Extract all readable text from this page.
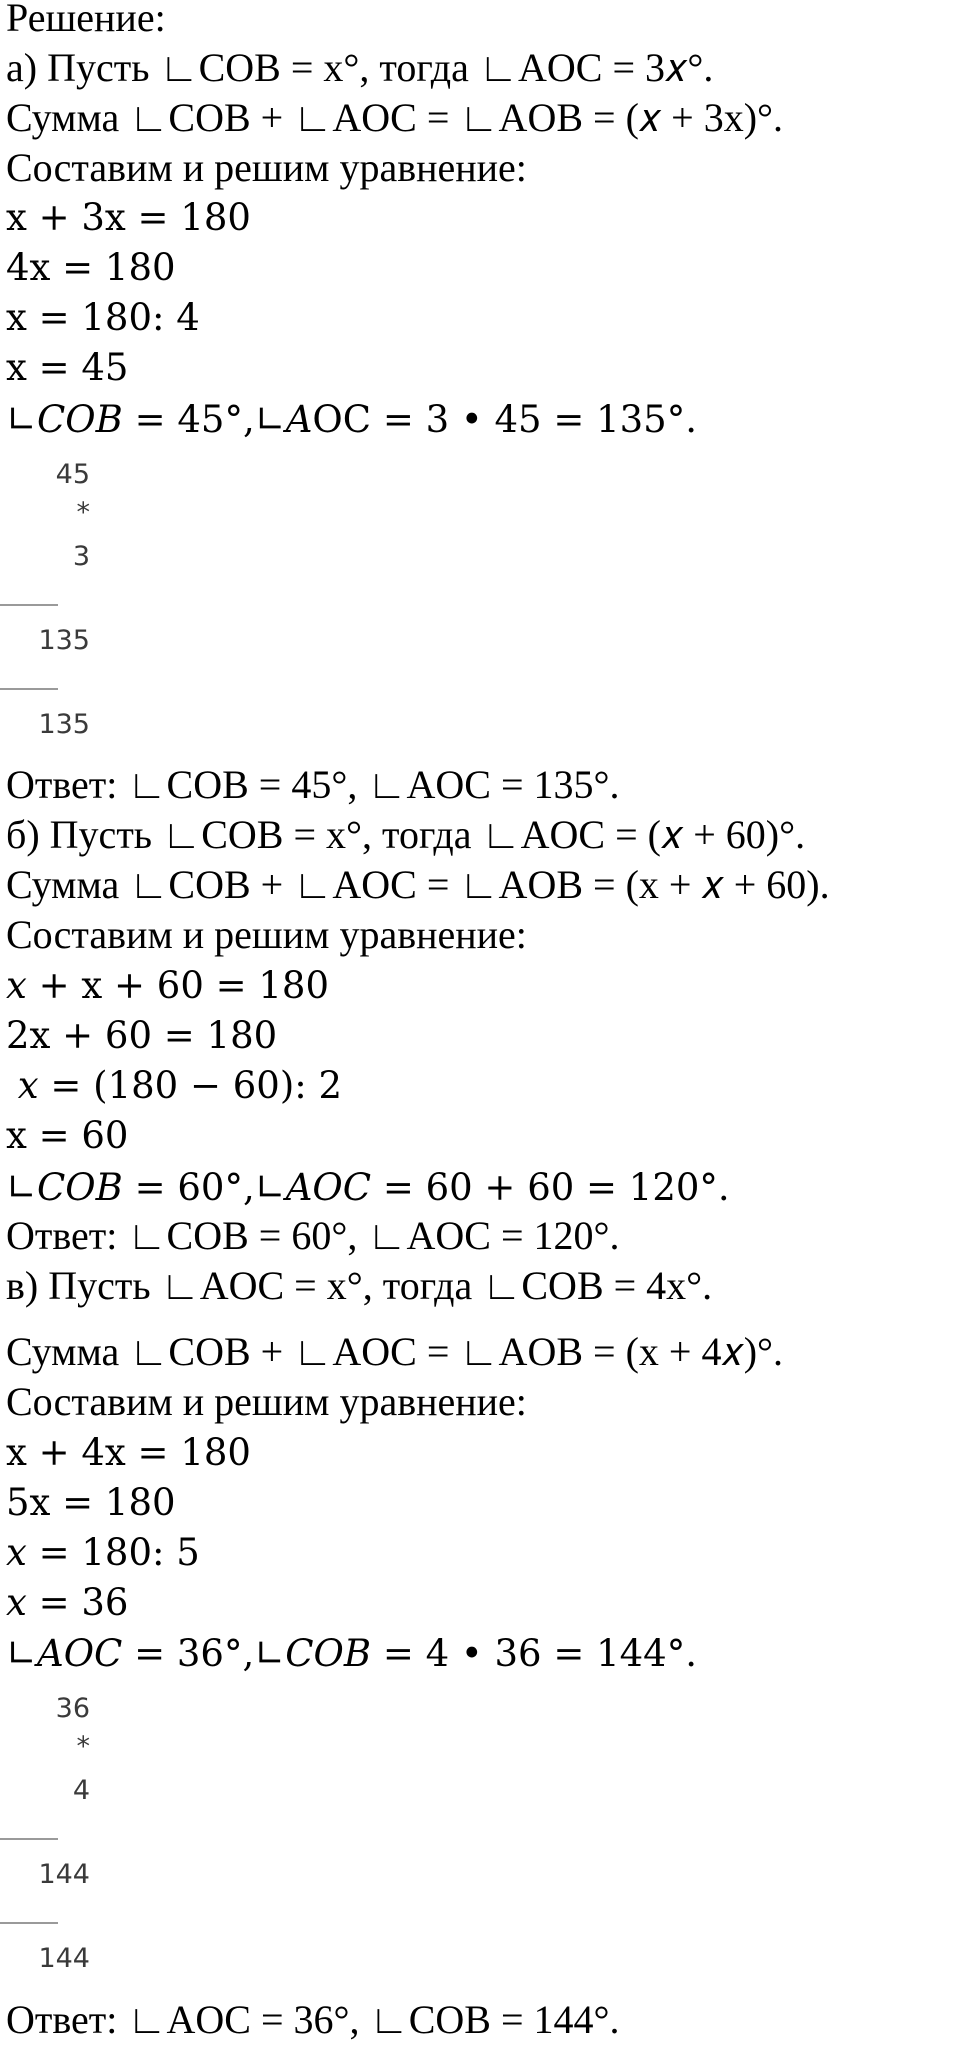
Решение:
а) Пусть ∟COB = x°, тогда ∟AOC = 3𝑥°.
Сумма ∟COB + ∟AOC = ∟AOB = (𝑥 + 3x)°.
Составим и решим уравнение:
x + 3x = 180
4x = 180
x = 180: 4
x = 45
∟𝐶𝑂𝐵 = 45°,∟𝐴OC = 3 • 45 = 135°.
45
*
3
135
135
Ответ: ∟COB = 45°, ∟AOC = 135°.
б) Пусть ∟COB = x°, тогда ∟AOC = (𝑥 + 60)°.
Сумма ∟COB + ∟AOC = ∟AOB = (x + 𝑥 + 60).
Составим и решим уравнение:
𝑥 + x + 60 = 180
2x + 60 = 180
𝑥 = (180 − 60): 2
x = 60
∟𝐶𝑂𝐵 = 60°,∟𝐴𝑂𝐶 = 60 + 60 = 120°.
Ответ: ∟COB = 60°, ∟AOC = 120°.
в) Пусть ∟AOC = x°, тогда ∟COB = 4x°.
Сумма ∟COB + ∟AOC = ∟AOB = (x + 4𝑥)°.
Составим и решим уравнение:
x + 4x = 180
5x = 180
𝑥 = 180: 5
𝑥 = 36
∟𝐴𝑂𝐶 = 36°,∟𝐶𝑂𝐵 = 4 • 36 = 144°.
36
*
4
144
144
Ответ: ∟AOC = 36°, ∟COB = 144°.
